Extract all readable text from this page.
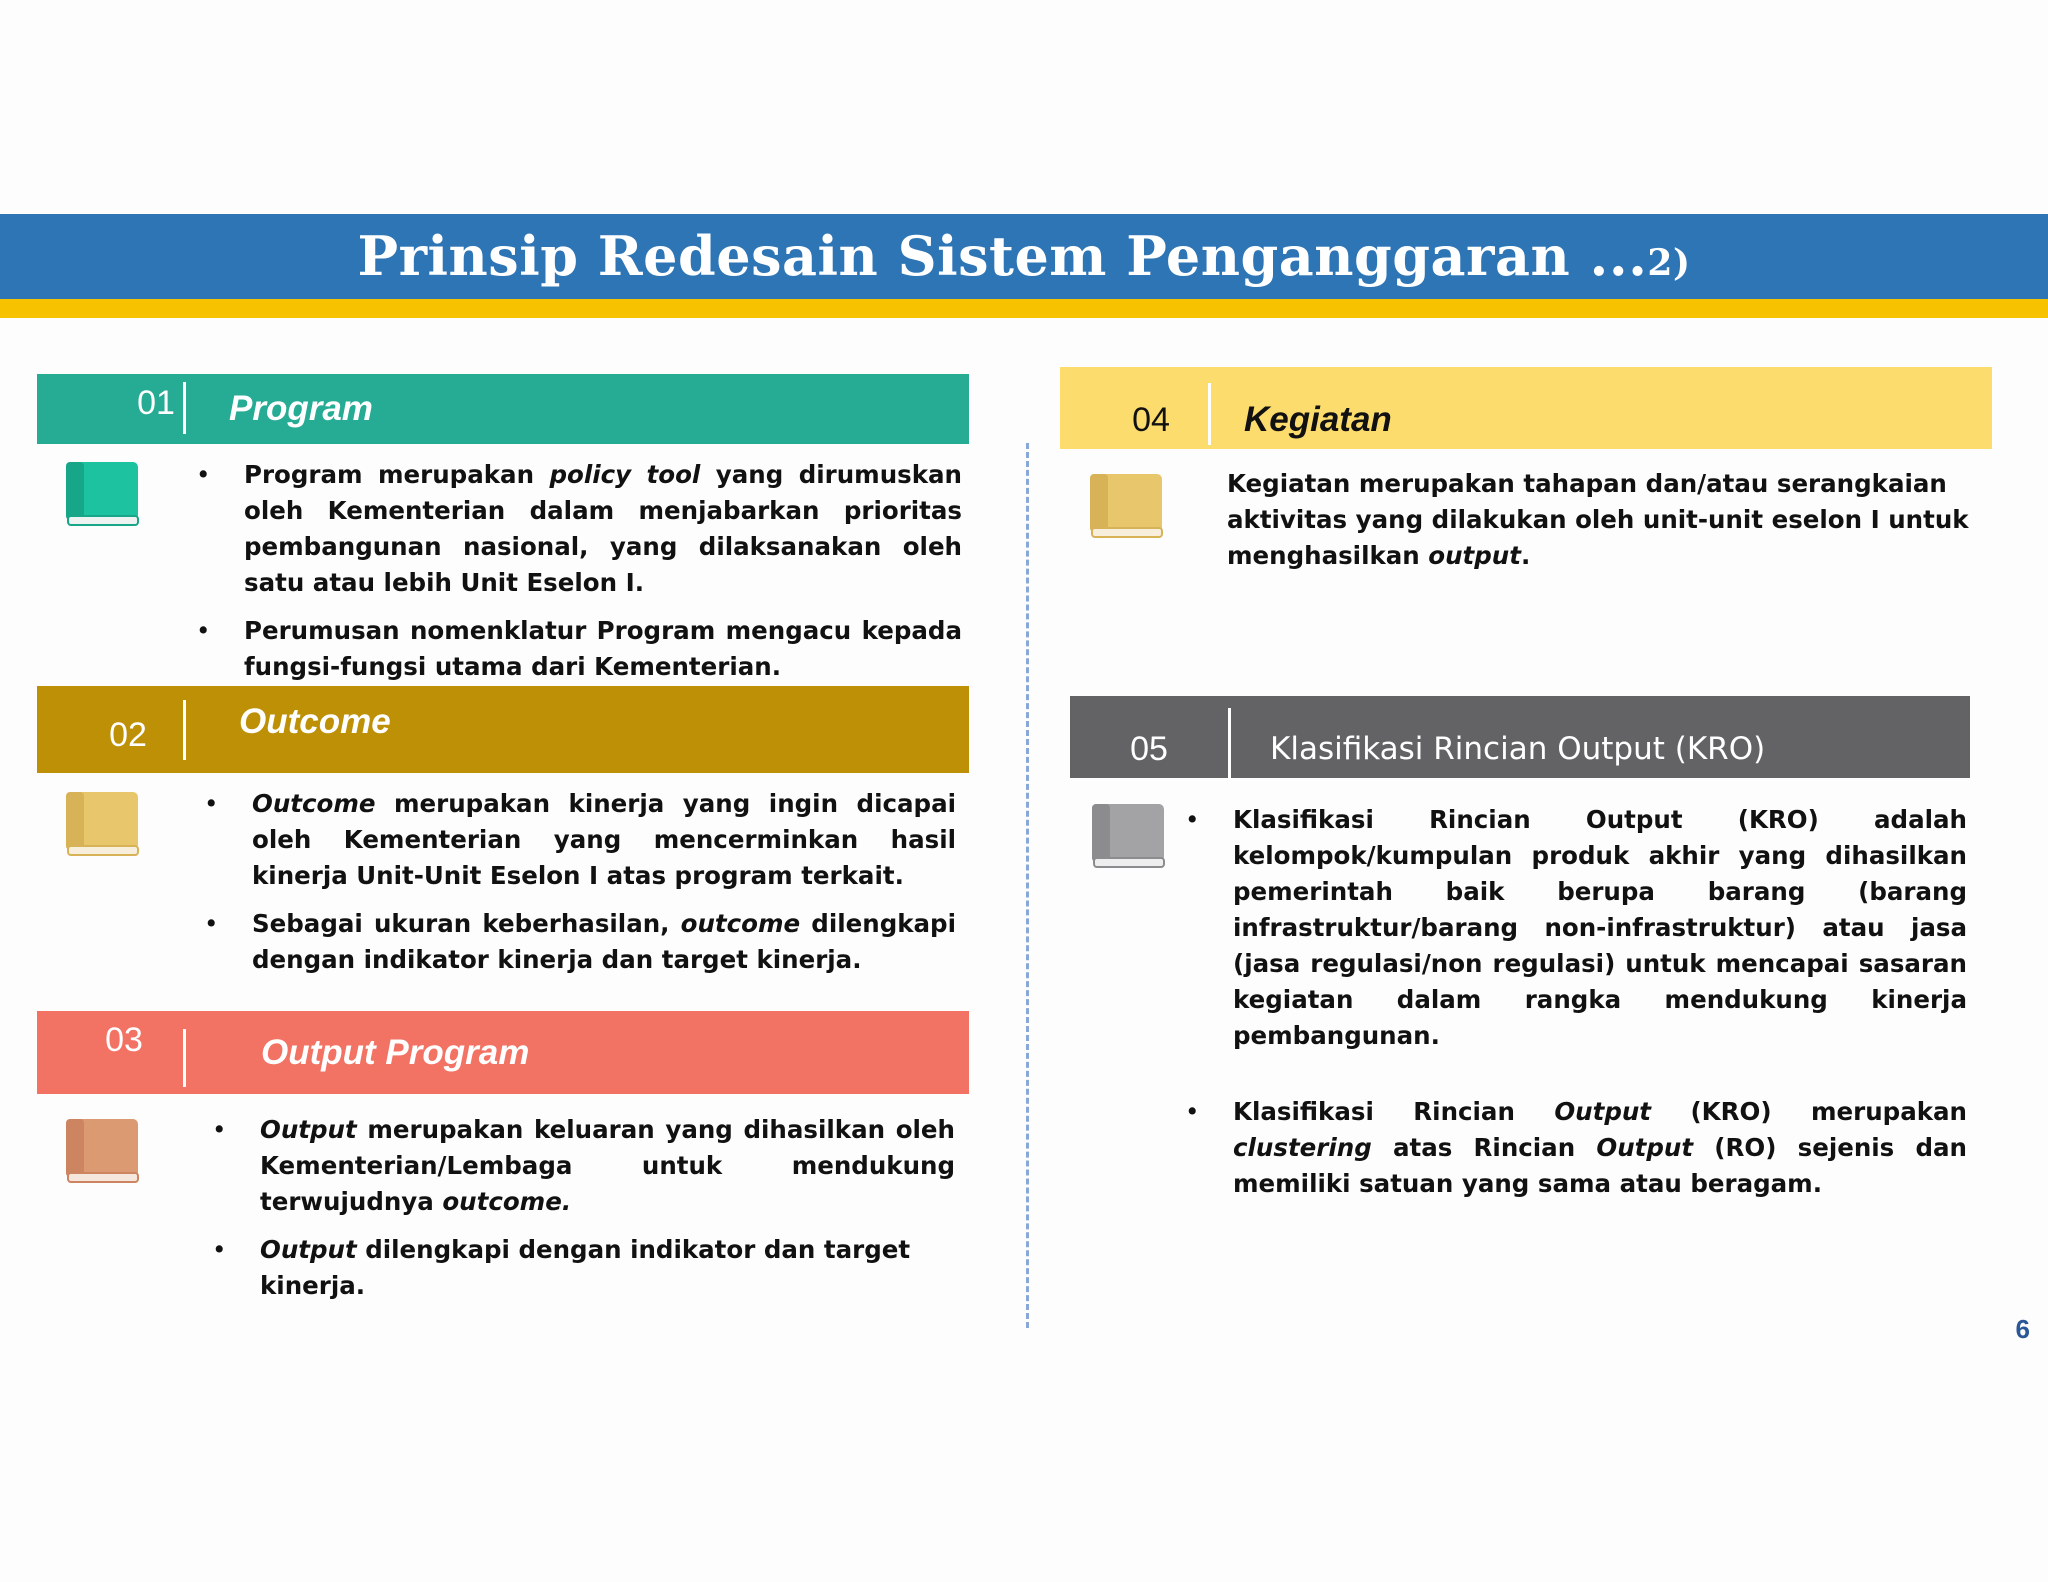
Prinsip Redesain Sistem Penganggaran ...2)
01	Program
•	Program merupakan policy tool yang dirumuskan oleh Kementerian dalam menjabarkan prioritas pembangunan nasional, yang dilaksanakan oleh satu atau lebih Unit Eselon I.
•	Perumusan nomenklatur Program mengacu kepada fungsi-fungsi utama dari Kementerian.
02	Outcome
•	Outcome merupakan kinerja yang ingin dicapai oleh Kementerian yang mencerminkan hasil kinerja Unit-Unit Eselon I atas program terkait.
•	Sebagai ukuran keberhasilan, outcome dilengkapi dengan indikator kinerja dan target kinerja.
03	Output Program
•	Output merupakan keluaran yang dihasilkan oleh Kementerian/Lembaga untuk mendukung terwujudnya outcome.
•	Output dilengkapi dengan indikator dan target kinerja.
04	Kegiatan
Kegiatan merupakan tahapan dan/atau serangkaian aktivitas yang dilakukan oleh unit-unit eselon I untuk menghasilkan output.
05	Klasifikasi Rincian Output (KRO)
•	Klasifikasi Rincian Output (KRO) adalah kelompok/kumpulan produk akhir yang dihasilkan pemerintah baik berupa barang (barang infrastruktur/barang non-infrastruktur) atau jasa (jasa regulasi/non regulasi) untuk mencapai sasaran kegiatan dalam rangka mendukung kinerja pembangunan.
•	Klasifikasi Rincian Output (KRO) merupakan clustering atas Rincian Output (RO) sejenis dan memiliki satuan yang sama atau beragam.
6
